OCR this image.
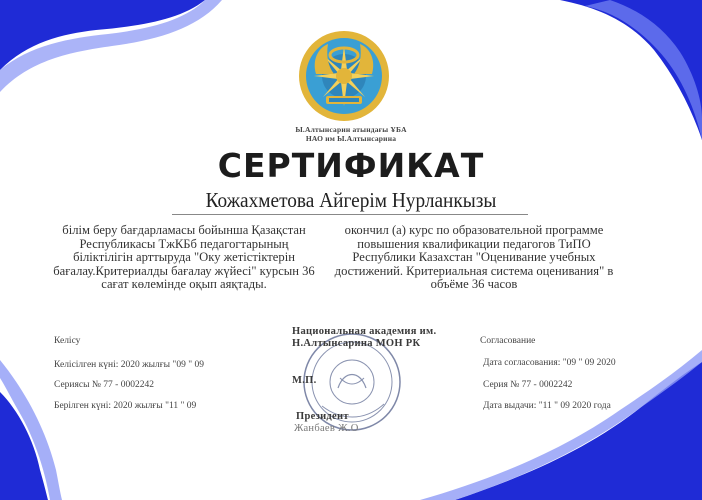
Ы.Алтынсарин атындағы ҰБА
НАО им Ы.Алтынсарина
СЕРТИФИКАТ
Кожахметова Айгерім Нурланкызы
білім беру бағдарламасы бойынша Қазақстан Республикасы ТжКБб педагогтарының біліктілігін арттыруда "Оку жетістіктерін бағалау.Критериалды бағалау жүйесі" курсын 36 сағат көлемінде оқып аяқтады.
окончил (а) курс по образовательной программе повышения квалификации педагогов ТиПО Республики Казахстан "Оценивание учебных достижений. Критериальная система оценивания" в объёме 36 часов
Келісу
Келісілген күні: 2020 жылғы "09 " 09
Сериясы № 77 - 0002242
Берілген күні: 2020 жылғы "11 " 09
Согласование
Дата согласования: "09 " 09 2020
Серия № 77 - 0002242
Дата выдачи: "11 " 09 2020 года
Национальная академия им.
Н.Алтынсарина МОН РК
М.П.
Президент
Жанбаев Ж.О
